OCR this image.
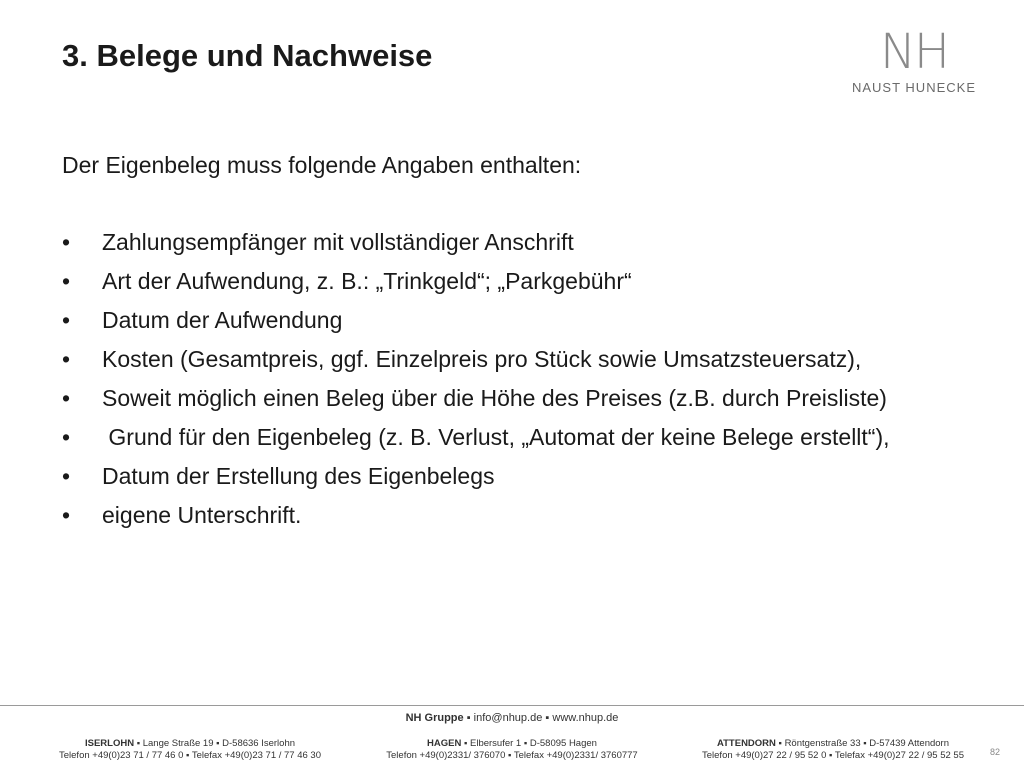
3. Belege und Nachweise	NH
NAUST HUNECKE
Der Eigenbeleg muss folgende Angaben enthalten:
• Zahlungsempfänger mit vollständiger Anschrift
• Art der Aufwendung, z. B.: „Trinkgeld“; „Parkgebühr“
• Datum der Aufwendung
• Kosten (Gesamtpreis, ggf. Einzelpreis pro Stück sowie Umsatzsteuersatz),
• Soweit möglich einen Beleg über die Höhe des Preises (z.B. durch Preisliste)
• Grund für den Eigenbeleg (z. B. Verlust, „Automat der keine Belege erstellt“),
• Datum der Erstellung des Eigenbelegs
• eigene Unterschrift.
NH Gruppe ▪ info@nhup.de ▪ www.nhup.de
ISERLOHN ▪ Lange Straße 19 ▪ D-58636 Iserlohn
Telefon +49(0)23 71 / 77 46 0 ▪ Telefax +49(0)23 71 / 77 46 30
HAGEN ▪ Elbersufer 1 ▪ D-58095 Hagen
Telefon +49(0)2331/ 376070 ▪ Telefax +49(0)2331/ 3760777
ATTENDORN ▪ Röntgenstraße 33 ▪ D-57439 Attendorn
Telefon +49(0)27 22 / 95 52 0 ▪ Telefax +49(0)27 22 / 95 52 55	82
